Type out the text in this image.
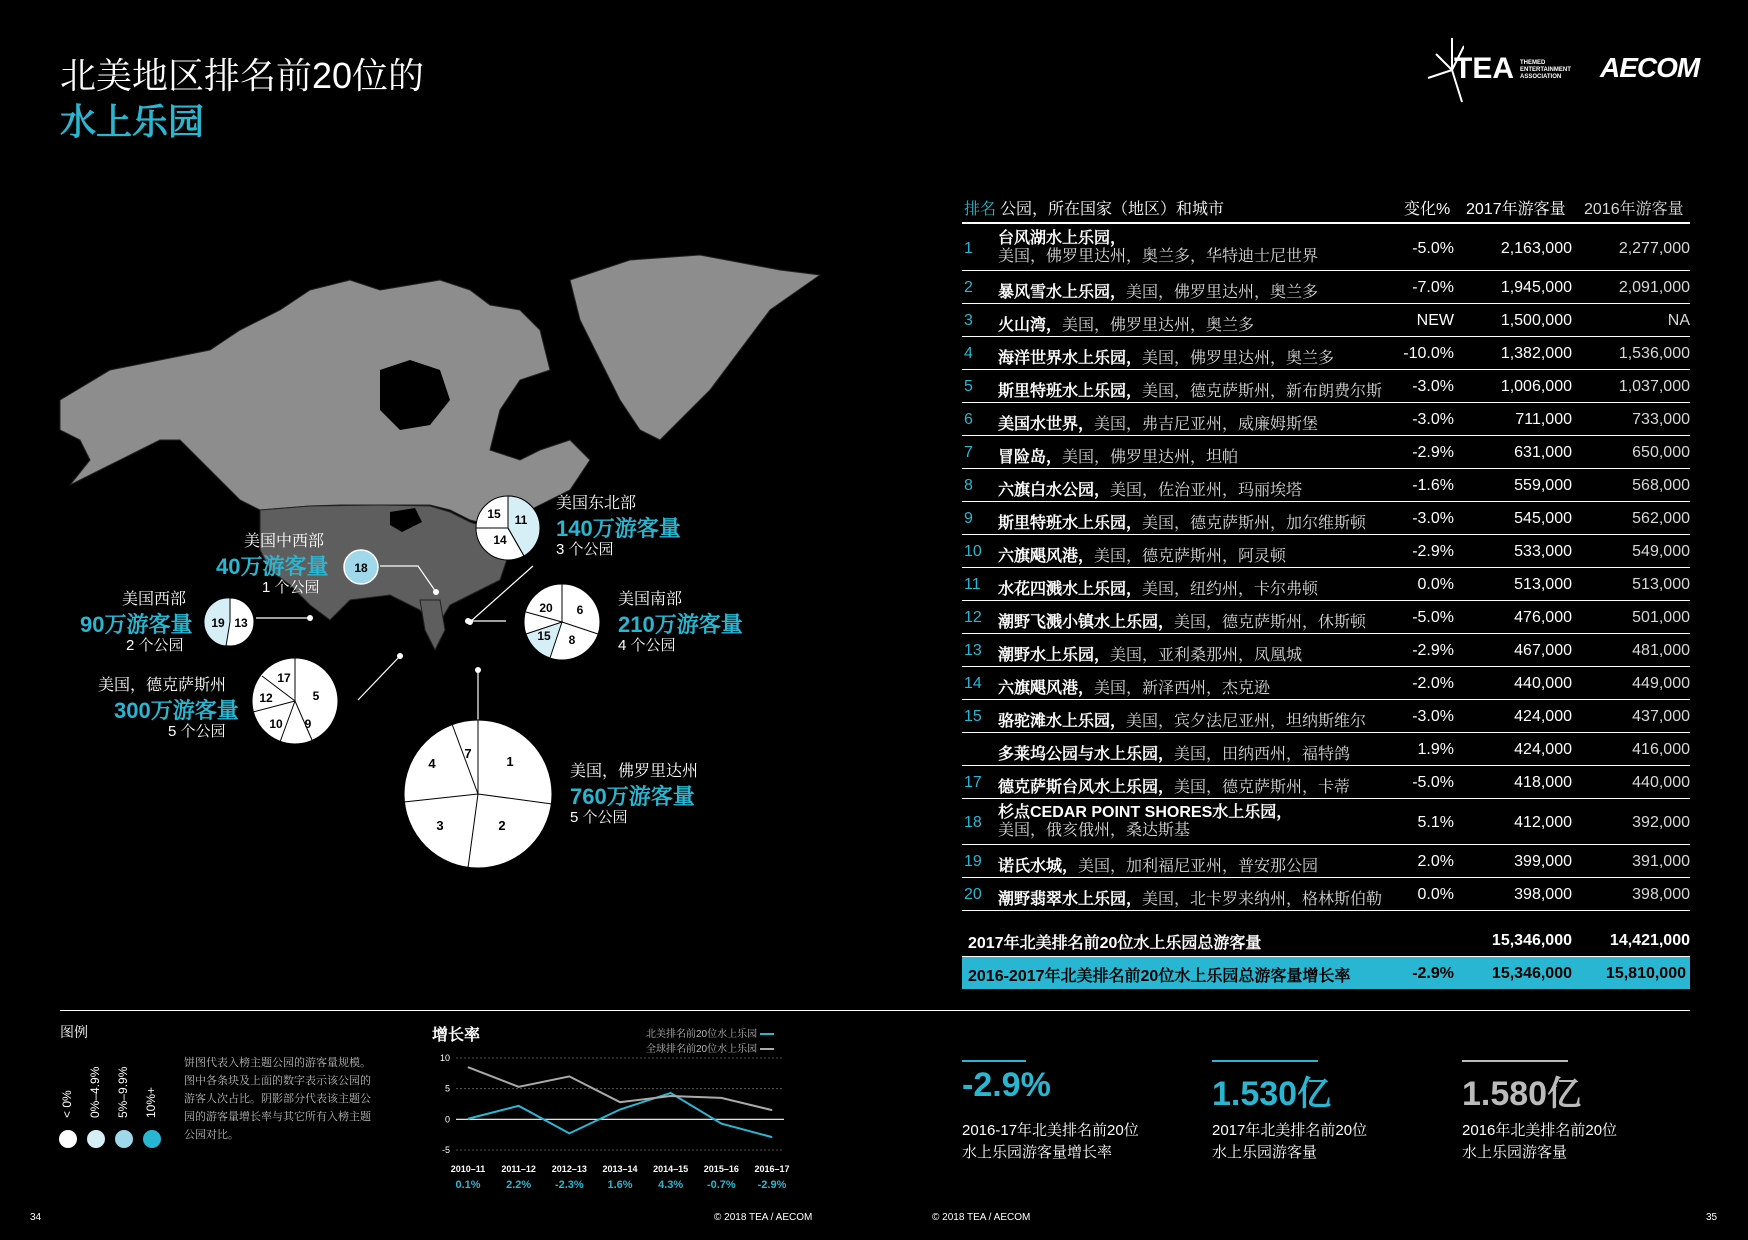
北美地区排名前20位的
水上乐园
TEA THEMED
ENTERTAINMENT
ASSOCIATION	AECOM
15 11
14
美国东北部
140万游客量
3 个公园
18
美国中西部
40万游客量
1 个公园
19 13
美国西部
90万游客量
2 个公园
20 6
8
15
美国南部
210万游客量
4 个公园
17
5
9
10
12
美国，德克萨斯州
300万游客量
5 个公园
1
2
3
4
7
美国，佛罗里达州
760万游客量
5 个公园
排名 公园，所在国家（地区）和城市	变化% 2017年游客量 2016年游客量
1
台风湖水上乐园，
美国，佛罗里达州，奥兰多，华特迪士尼世界	-5.0%	2,163,000	2,277,000
2 暴风雪水上乐园，美国，佛罗里达州，奥兰多	-7.0%	1,945,000	2,091,000
3 火山湾，美国，佛罗里达州，奥兰多	NEW	1,500,000	NA
4 海洋世界水上乐园，美国，佛罗里达州，奥兰多	-10.0%	1,382,000	1,536,000
5 斯里特班水上乐园，美国，德克萨斯州，新布朗费尔斯 -3.0%	1,006,000	1,037,000
6 美国水世界，美国，弗吉尼亚州，威廉姆斯堡	-3.0%	711,000	733,000
7 冒险岛，美国，佛罗里达州，坦帕	-2.9%	631,000	650,000
8 六旗白水公园，美国，佐治亚州，玛丽埃塔	-1.6%	559,000	568,000
9 斯里特班水上乐园，美国，德克萨斯州，加尔维斯顿	-3.0%	545,000	562,000
10 六旗飓风港，美国，德克萨斯州，阿灵顿	-2.9%	533,000	549,000
11 水花四溅水上乐园，美国，纽约州，卡尔弗顿	0.0%	513,000	513,000
12 潮野飞溅小镇水上乐园，美国，德克萨斯州，休斯顿	-5.0%	476,000	501,000
13 潮野水上乐园，美国，亚利桑那州，凤凰城	-2.9%	467,000	481,000
14 六旗飓风港，美国，新泽西州，杰克逊	-2.0%	440,000	449,000
15 骆驼滩水上乐园，美国，宾夕法尼亚州，坦纳斯维尔	-3.0%	424,000	437,000
多莱坞公园与水上乐园，美国，田纳西州，福特鸽	1.9%	424,000	416,000
17 德克萨斯台风水上乐园，美国，德克萨斯州，卡蒂	-5.0%	418,000	440,000
18
杉点CEDAR POINT SHORES水上乐园，
美国，俄亥俄州，桑达斯基	5.1%	412,000	392,000
19 诺氏水城，美国，加利福尼亚州，普安那公园	2.0%	399,000	391,000
20 潮野翡翠水上乐园，美国，北卡罗来纳州，格林斯伯勒 0.0%	398,000	398,000
2017年北美排名前20位水上乐园总游客量	15,346,000 14,421,000
2016-2017年北美排名前20位水上乐园总游客量增长率	-2.9% 15,346,000 15,810,000
图例
< 0% 0%–4.9% 5%–9.9% 10%+
饼图代表入榜主题公园的游客量规模。
图中各条块及上面的数字表示该公园的
游客人次占比。阴影部分代表该主题公
园的游客量增长率与其它所有入榜主题
公园对比。
增长率	北美排名前20位水上乐园
全球排名前20位水上乐园
10
5
0
-5
2010–11
0.1%
2011–12
2.2%
2012–13
-2.3%
2013–14
1.6%
2014–15
4.3%
2015–16
-0.7%
2016–17
-2.9%
-2.9%
2016-17年北美排名前20位
水上乐园游客量增长率
1.530亿
2017年北美排名前20位
水上乐园游客量
1.580亿
2016年北美排名前20位
水上乐园游客量
34	© 2018 TEA / AECOM	© 2018 TEA / AECOM	35
